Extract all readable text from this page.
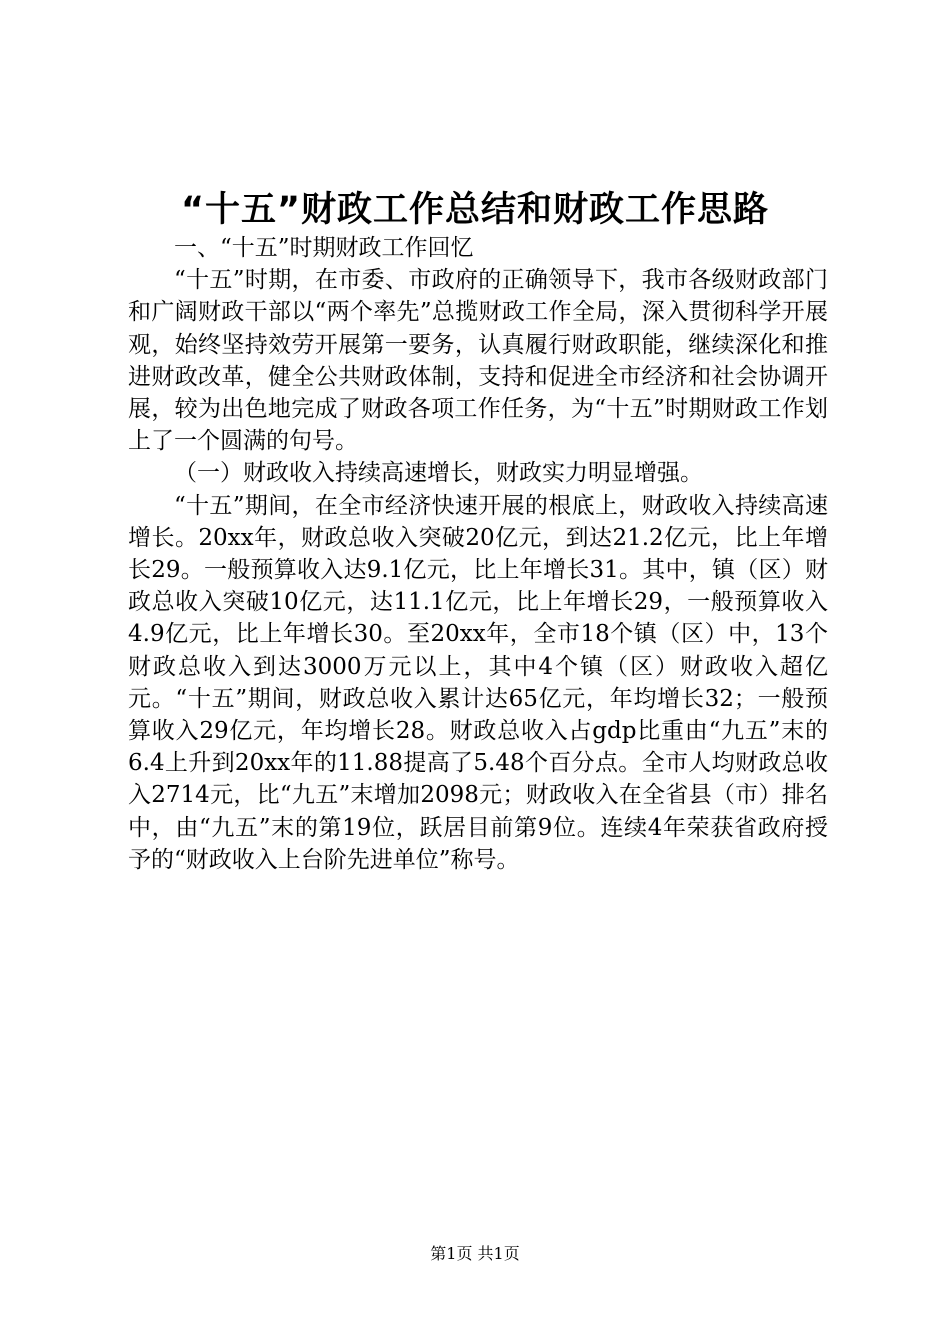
“十五”财政工作总结和财政工作思路

一、“十五”时期财政工作回忆

“十五”时期，在市委、市政府的正确领导下，我市各级财政部门和广阔财政干部以“两个率先”总揽财政工作全局，深入贯彻科学开展观，始终坚持效劳开展第一要务，认真履行财政职能，继续深化和推进财政改革，健全公共财政体制，支持和促进全市经济和社会协调开展，较为出色地完成了财政各项工作任务，为“十五”时期财政工作划上了一个圆满的句号。

（一）财政收入持续高速增长，财政实力明显增强。

“十五”期间，在全市经济快速开展的根底上，财政收入持续高速增长。20xx年，财政总收入突破20亿元，到达21.2亿元，比上年增长29。一般预算收入达9.1亿元，比上年增长31。其中，镇（区）财政总收入突破10亿元，达11.1亿元，比上年增长29，一般预算收入4.9亿元，比上年增长30。至20xx年，全市18个镇（区）中，13个财政总收入到达3000万元以上，其中4个镇（区）财政收入超亿元。“十五”期间，财政总收入累计达65亿元，年均增长32；一般预算收入29亿元，年均增长28。财政总收入占gdp比重由“九五”末的6.4上升到20xx年的11.88提高了5.48个百分点。全市人均财政总收入2714元，比“九五”末增加2098元；财政收入在全省县（市）排名中，由“九五”末的第19位，跃居目前第9位。连续4年荣获省政府授予的“财政收入上台阶先进单位”称号。

第1页 共1页
